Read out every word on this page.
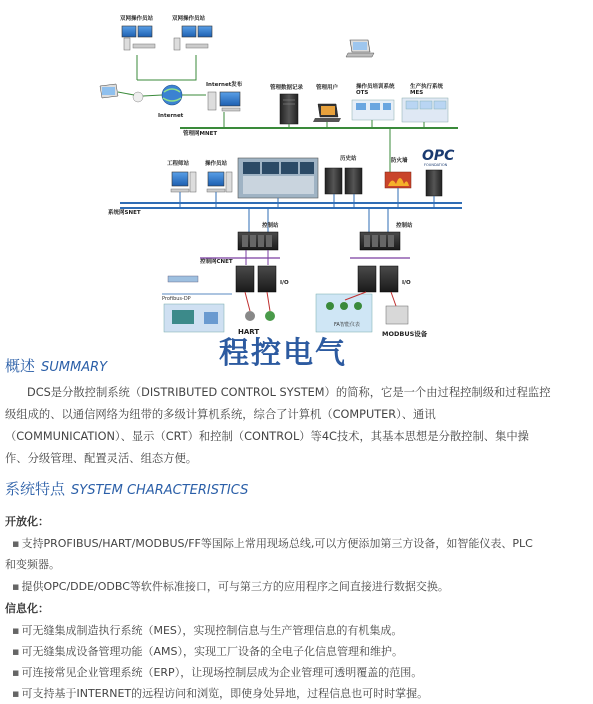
双网操作员站	双网操作员站
Internet
Internet发布	管理数据记录 管理用户	操作员培训系统 OTS
生产执行系统 MES
管理网MNET
工程师站	操作员站
历史站	防火墙 OPC
FOUNDATION
系统网SNET
控制站
控制网CNET
I/O
控制站
I/O
Profibus-DP
HART
FA智能仪表
MODBUS设备
程控电气
概述 SUMMARY
DCS是分散控制系统（DISTRIBUTED CONTROL SYSTEM）的简称，它是一个由过程控制级和过程监控
级组成的、以通信网络为纽带的多级计算机系统，综合了计算机（COMPUTER）、通讯
（COMMUNICATION）、显示（CRT）和控制（CONTROL）等4C技术，其基本思想是分散控制、集中操
作、分级管理、配置灵活、组态方便。
系统特点 SYSTEM CHARACTERISTICS
开放化：
▪ 支持PROFIBUS/HART/MODBUS/FF等国际上常用现场总线,可以方便添加第三方设备，如智能仪表、PLC
和变频器。
▪ 提供OPC/DDE/ODBC等软件标准接口，可与第三方的应用程序之间直接进行数据交换。
信息化：
▪ 可无缝集成制造执行系统（MES），实现控制信息与生产管理信息的有机集成。
▪ 可无缝集成设备管理功能（AMS），实现工厂设备的全电子化信息管理和维护。
▪ 可连接常见企业管理系统（ERP），让现场控制层成为企业管理可透明覆盖的范围。
▪ 可支持基于INTERNET的远程访问和浏览，即使身处异地，过程信息也可时时掌握。
